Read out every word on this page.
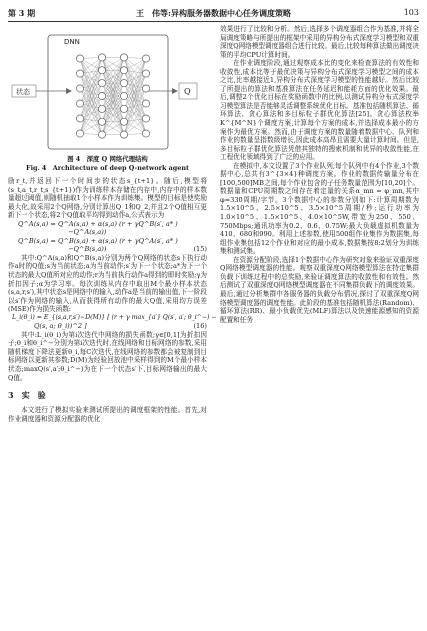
第 3 期	王　伟等:异构服务器数据中心任务调度策略	103
DNN
状态	Q
图 4　深度 Q 网络代理结构
Fig. 4　Architecture of deep Q-network agent

励r_t,并返回下一个时间步的状态s_{t+1}。随后,模型将(s_t,a_t,r_t,s_{t+1})作为训练样本存储在内存中,内存中的样本数量超过阈值,则随机抽取1个小样本作为训练集。模型的目标是使奖励最大化,故采用2个Q网络,分别计算出Q_1和Q_2,并且2个Q值相互更新下一个状态,将2个Q值取平均得到动作a,公式表示为

Q^A(s,a) = Q^A(s,a) + α(s,a) (r + γQ^B(s′, a* )
−Q^A(s,a))
Q^B(s,a) = Q^B(s,a) + α(s,a) (r + γQ^A(s′, a* )
−Q^B(s,a))	(15)

其中:Q^A(s,a)和Q^B(s,a)分别为两个Q网络的状态s下执行动作a时的Q值;s为当前状态;a为当前动作;s′为下一个状态;a*为下一个状态的最大Q值所对应的动作;r为当前执行动作a得到的即时奖励;γ为折扣因子;α为学习率。每次训练从内存中取出M个最小样本状态(s,a,r,s′),其中状态s是网络中的输入,动作a是当前的输出值,下一阶段以s′作为网络的输入,从而获得所有动作的最大Q值,采用均方误差(MSE)作为损失函数:

L_i(θ_i) = E_{(s,a,r,s′)∼D(M)} [ (r + γ max_{a′} Q(s′, a′; θ_i^−) −
Q(s, a; θ_i))^2 ]	(16)

其中:L_i(θ_i)为第i次迭代中网络的损失函数;γ∈[0,1]为折扣因子;θ_i和θ_i^−分别为第i次迭代时,在线网络和目标网络的参数,采用随机梯度下降法更新θ_i,每C次迭代,在线网络的参数都会被复制到目标网络以更新其参数;D(M)为经验回放池中采样得到的M个最小样本状态;maxQ(s′,a′;θ_i^−)为在下一个状态s′下,目标网络输出的最大Q值。

3　实　验

本文进行了模拟实验来测试所提出的调度框架的性能。首先,对作业调度器和资源分配器的优化

效果进行了比较和分析。然后,选择多个调度器组合作为基准,并将全局调度策略与所提出的框架中采用的异构分布式深度学习模型和双重深度Q网络模型调度器组合进行比较。最后,比较每种算法做出调度决策的平均CPU计算时间。

在作业调度阶段,通过观察成本比的变化来检查算法的有效性和收敛性,成本比等于最优决策与异构分布式深度学习模型之间的成本之比,比率越接近1,异构分布式深度学习模型的性能越好。然后比较了所提出的算法和基准算法在任务延迟和能耗方面的优化效果。最后,调整2个优化目标在奖励函数中的比例,以测试异构分布式深度学习模型算法是否能够灵活调整系统优化目标。基准包括随机算法、循环算法、贪心算法和多目标粒子群优化算法[25]。贪心算法枚举K^{M^N}个调度方案,计算每个方案的成本,并选择成本最小的方案作为最优方案。然而,由于调度方案的数量随着数据中心、队列和作业的数量呈指数级增长,因此成本高昂且需要大量计算时间。但是,多目标粒子群优化算法凭借其独特的搜索机制和优异的收敛性能,在工程优化领域得到了广泛的应用。

在模拟中,本文设置了3个作业队列,每个队列中有4个作业,3个数据中心,总共有3^{3×4}种调度方案。作业的数据传输量分布在[100,500]MB之间,每个作业包含的子任务数量范围为[10,20]个。数据量和CPU周期数之间存在着定量的关系α_mn = φ_mn,其中φ=330周期/字节。3个数据中心的参数分别如下:计算周期数为1.5×10^5、2.5×10^5、3.5×10^5周期/秒;运行功率为1.0×10^5、1.5×10^5、4.0×10^5W,带宽为250、550、750Mbps;通讯功率为0.2、0.6、0.75W;最大负载虚拟机数量为410、680和990。利用上述参数,使用500组作业集作为数据集,每组作业集包括12个作业和对应的最小成本,数据集按8:2划分为训练集和测试集。

在资源分配阶段,选择1个数据中心作为研究对象来验证双重深度Q网络模型调度器的性能。观察双重深度Q网络模型算法在特定集群负载下训练过程中的总奖励,来验证调度算法的收敛性和有效性。然后测试了双重深度Q网络模型调度器在不同集群负载下的调度效果。最后,通过分析集群中各服务器的负载分布情况,探讨了双重深度Q网络模型调度器的调度性能。此阶段的基准包括随机算法(Random)、循环算法(RR)、最小负载优先(MLF)算法以及快速能源感知的资源配置和任务
